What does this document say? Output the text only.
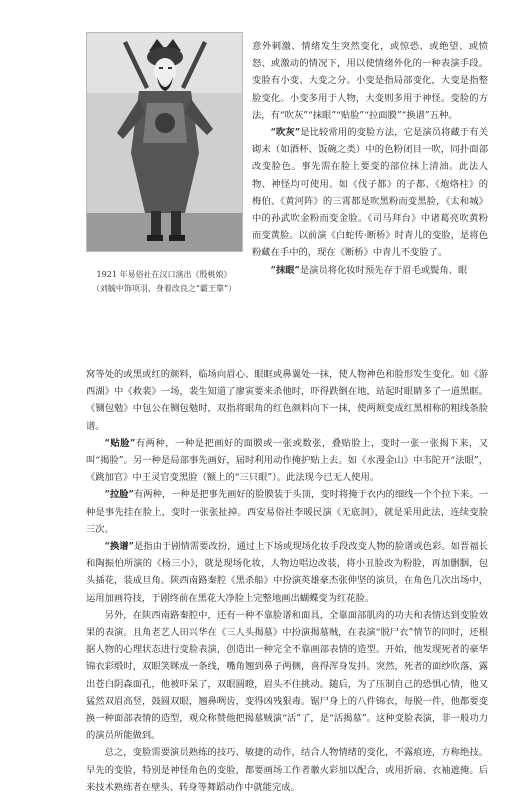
1921 年易俗社在汉口演出《殷桃娘》
（刘毓中饰项羽，身着改良之“霸王靠”）

意外刺激、情绪发生突然变化，或惊恐、或绝望、或愤怒、或激动的情况下，用以使情绪外化的一种表演手段。变脸有小变、大变之分。小变是指局部变化，大变是指整脸变化。小变多用于人物，大变则多用于神怪。变脸的方法，有“吹灰”“抹眼”“贴脸”“拉面膜”“换谱”五种。

“吹灰”是比较常用的变脸方法，它是演员将藏于有关砌末（如酒杯、饭碗之类）中的色粉闭目一吹，同扑面部改变脸色。事先需在脸上要变的部位抹上清油。此法人物、神怪均可使用。如《伐子都》的子都、《炮烙柱》的梅伯、《黄河阵》的三霄都是吹黑粉而变黑脸，《太和城》中的孙武吹金粉而变金脸。《司马拜台》中诸葛亮吹黄粉而变黄脸。以前演《白蛇传·断桥》时青儿的变脸，是将色粉藏在手中的，现在《断桥》中青儿不变脸了。

“抹眼”是演员将化妆时预先存于眉毛或鬓角、眼

窝等处的或黑或红的颜料，临场向眉心、眼眶或鼻翼处一抹，使人物神色和脸形发生变化。如《游西湖》中《救裴》一场，裴生知道了廖寅要来杀他时，吓得跌倒在地，站起时眼睛多了一道黑眶。《铡包勉》中包公在铡包勉时，双指将眼角的红色颜料向下一抹，使两颊变成红黑相称的粗线条脸谱。

“贴脸”有两种，一种是把画好的面膜或一张或数张，叠贴脸上，变时一张一张揭下来，又叫“揭脸”。另一种是局部事先画好，届时利用动作掩护贴上去。如《水漫金山》中韦陀开“法眼”，《跳加官》中王灵官变黑脸（额上的“三只眼”）。此法现今已无人使用。

“拉脸”有两种，一种是把事先画好的脸膜装于头顶，变时将掩于衣内的细线一个个拉下来。一种是事先挂在脸上，变时一张张扯掉。西安易俗社李暖民演《无底洞》，就是采用此法，连续变脸三次。

“换谱”是指由于剧情需要改扮，通过上下场或现场化妆手段改变人物的脸谱或色彩。如晋福长和陶振伯所演的《杨三小》，就是现场化妆，人物边唱边改装，将小丑脸改为粉脸，再加删胭，包头插花，装成旦角。陕西南路秦腔《黑杀船》中扮演英雄豪杰张伸坚的演员，在角色几次出场中，运用加画符技，于剧终前在黑花大净脸上完整地画出蝴蝶变为红花脸。

另外，在陕西南路秦腔中，还有一种不靠脸谱和面具，全靠面部肌肉的功夫和表情达到变脸效果的表演。且角老艺人田兴华在《三人头揭墓》中扮演揭墓贼，在表演“脱尸衣”情节的同时，还根据人物的心理状态进行变脸表演，创造出一种完全不靠画部表情的造型。开始，他发现死者的豪华锦衣彩缎时，双眼笑眯成一条线，嘴角翘到鼻子两侧，喜得浑身发抖。突然，死者的面纱吹落，露出苍白阴森面孔，他被吓呆了，双眼圆瞪，眉头不住挑动。随后，为了压制自己的恐惧心情，他又猛然双眉高竖，鼓圆双眼，翘鼻咧齿，变得凶残狠毒。锯尸身上的八件锦衣，每脱一件，他都要变换一种面部表情的造型，观众称赞他把揭墓贼演“活”了，是“活揭墓”。这种变脸表演，非一般功力的演员所能做到。

总之，变脸需要演员熟练的技巧、敏捷的动作，结合人物情绪的变化，不露痕迹，方称绝技。早先的变脸，特别是神怪角色的变脸，都要画场工作者徽火彩加以配合，或用折扇、衣袖遮掩。后来技术熟练者在壁头、转身等舞蹈动作中就能完成。
